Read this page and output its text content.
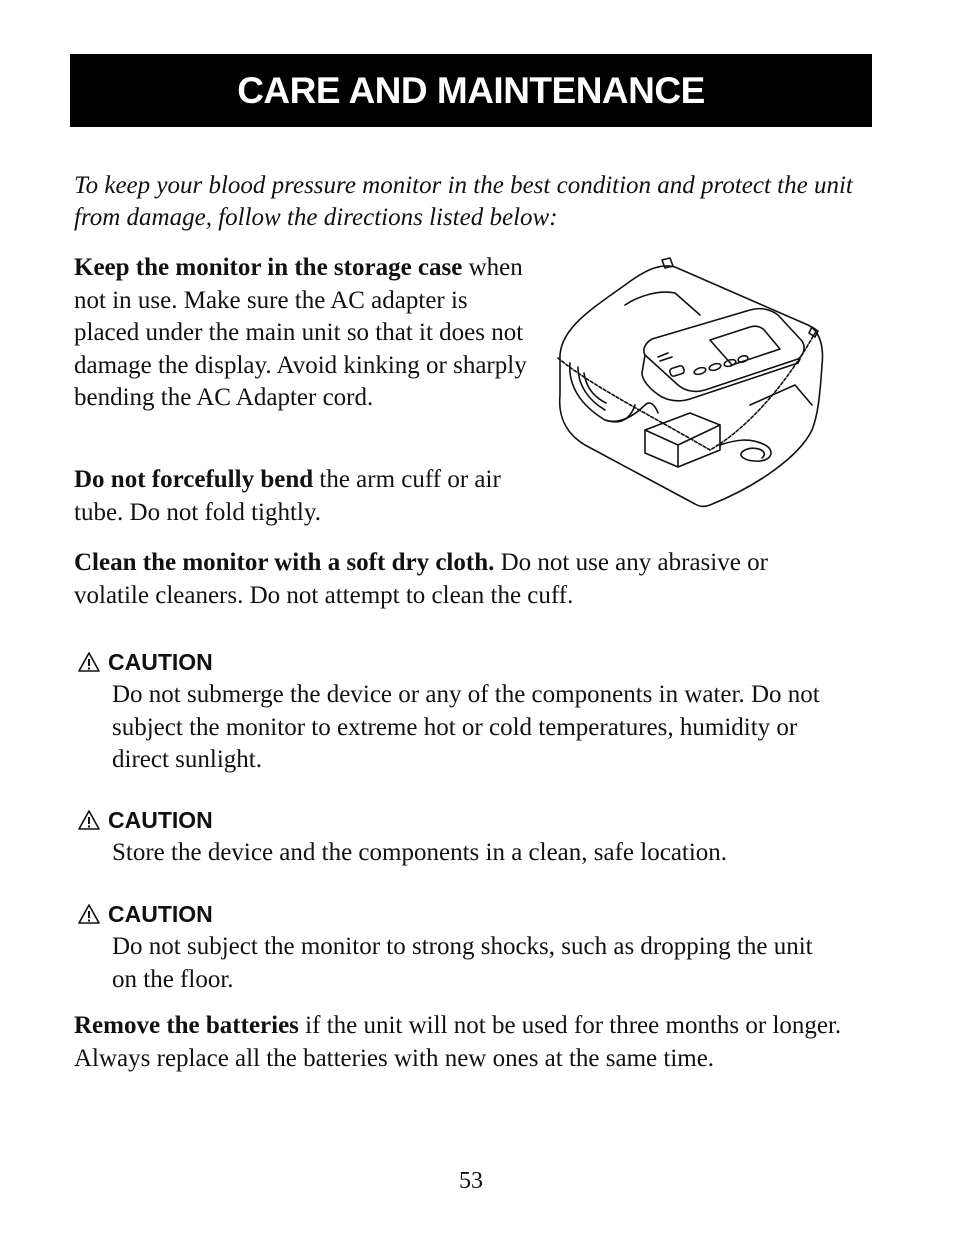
CARE AND MAINTENANCE

To keep your blood pressure monitor in the best condition and protect the unit from damage, follow the directions listed below:

Keep the monitor in the storage case when not in use. Make sure the AC adapter is placed under the main unit so that it does not damage the display. Avoid kinking or sharply bending the AC Adapter cord.

Do not forcefully bend the arm cuff or air tube. Do not fold tightly.

Clean the monitor with a soft dry cloth. Do not use any abrasive or volatile cleaners. Do not attempt to clean the cuff.

CAUTION
Do not submerge the device or any of the components in water. Do not subject the monitor to extreme hot or cold temperatures, humidity or direct sunlight.
CAUTION
Store the device and the components in a clean, safe location.
CAUTION
Do not subject the monitor to strong shocks, such as dropping the unit on the floor.

Remove the batteries if the unit will not be used for three months or longer. Always replace all the batteries with new ones at the same time.

53
